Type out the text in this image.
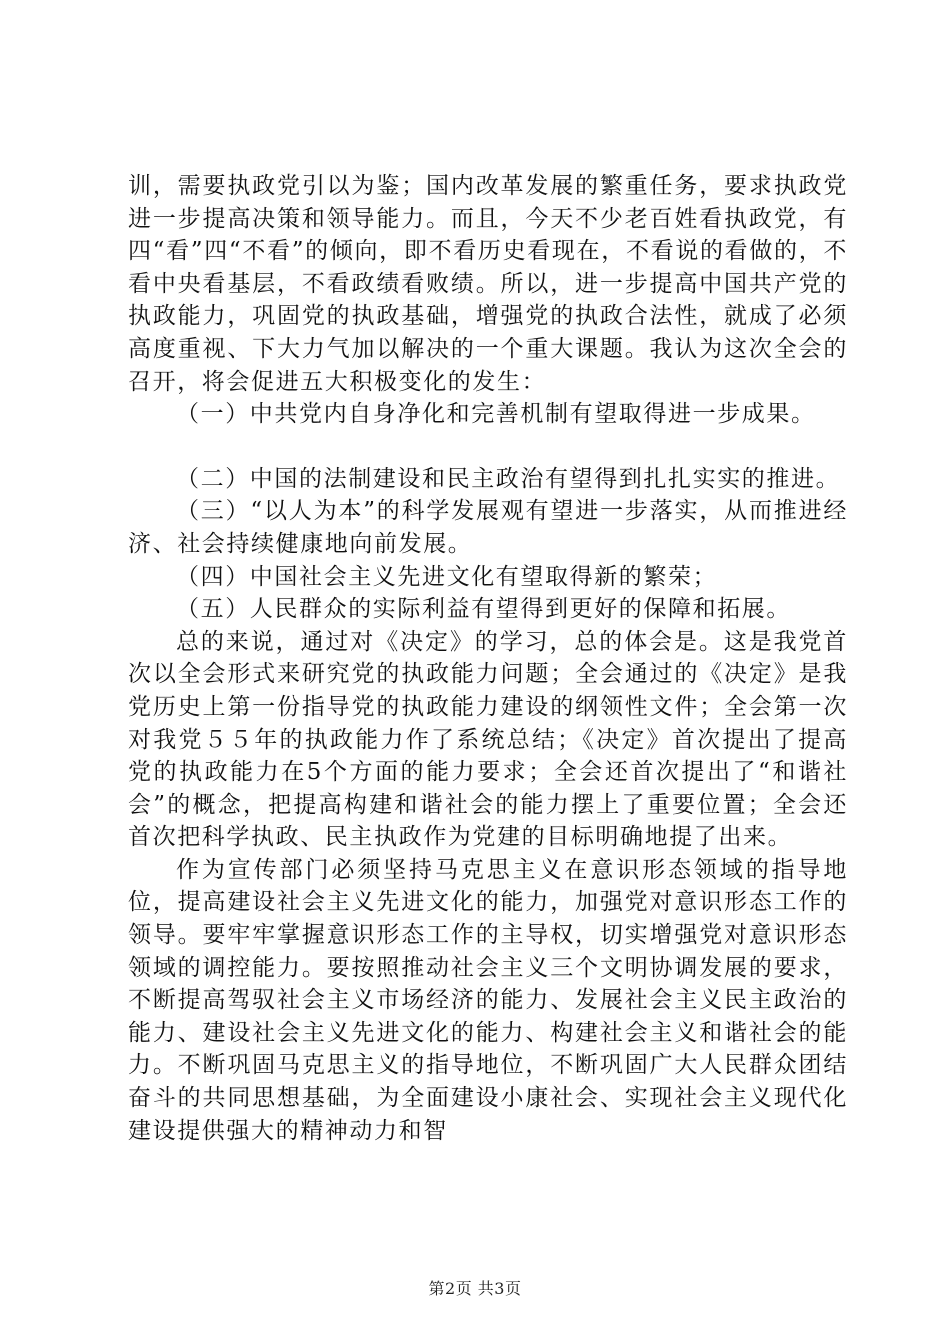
训，需要执政党引以为鉴；国内改革发展的繁重任务，要求执政党进一步提高决策和领导能力。而且，今天不少老百姓看执政党，有四“看”四“不看”的倾向，即不看历史看现在，不看说的看做的，不看中央看基层，不看政绩看败绩。所以，进一步提高中国共产党的执政能力，巩固党的执政基础，增强党的执政合法性，就成了必须高度重视、下大力气加以解决的一个重大课题。我认为这次全会的召开，将会促进五大积极变化的发生：

（一）中共党内自身净化和完善机制有望取得进一步成果。

（二）中国的法制建设和民主政治有望得到扎扎实实的推进。

（三）“以人为本”的科学发展观有望进一步落实，从而推进经济、社会持续健康地向前发展。

（四）中国社会主义先进文化有望取得新的繁荣；

（五）人民群众的实际利益有望得到更好的保障和拓展。

总的来说，通过对《决定》的学习，总的体会是。这是我党首次以全会形式来研究党的执政能力问题；全会通过的《决定》是我党历史上第一份指导党的执政能力建设的纲领性文件；全会第一次对我党５５年的执政能力作了系统总结；《决定》首次提出了提高党的执政能力在5个方面的能力要求；全会还首次提出了“和谐社会”的概念，把提高构建和谐社会的能力摆上了重要位置；全会还首次把科学执政、民主执政作为党建的目标明确地提了出来。

作为宣传部门必须坚持马克思主义在意识形态领域的指导地位，提高建设社会主义先进文化的能力，加强党对意识形态工作的领导。要牢牢掌握意识形态工作的主导权，切实增强党对意识形态领域的调控能力。要按照推动社会主义三个文明协调发展的要求，不断提高驾驭社会主义市场经济的能力、发展社会主义民主政治的能力、建设社会主义先进文化的能力、构建社会主义和谐社会的能力。不断巩固马克思主义的指导地位，不断巩固广大人民群众团结奋斗的共同思想基础，为全面建设小康社会、实现社会主义现代化建设提供强大的精神动力和智

第2页 共3页
